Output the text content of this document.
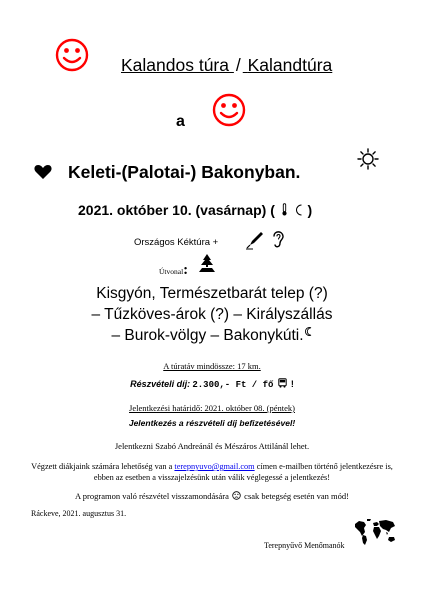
Kalandos túra / Kalandtúra
a
Keleti-(Palotai-) Bakonyban.
2021. október 10. (vasárnap) ( )
Országos Kéktúra +
Útvonal:
Kisgyón, Természetbarát telep (?)
– Tűzköves-árok (?) – Királyszállás
– Burok-völgy – Bakonykúti.
A túratáv mindössze: 17 km.
Részvételi díj: 2.300,- Ft / fő !
Jelentkezési határidő: 2021. október 08. (péntek)
Jelentkezés a részvételi díj befizetésével!
Jelentkezni Szabó Andreánál és Mészáros Attilánál lehet.
Végzett diákjaink számára lehetőség van a terepnyuvo@gmail.com címen e-mailben történő jelentkezésre is,
ebben az esetben a visszajelzésünk után válik véglegessé a jelentkezés!
A programon való részvétel visszamondására csak betegség esetén van mód!
Ráckeve, 2021. augusztus 31.
Terepnyűvő Menőmanók
